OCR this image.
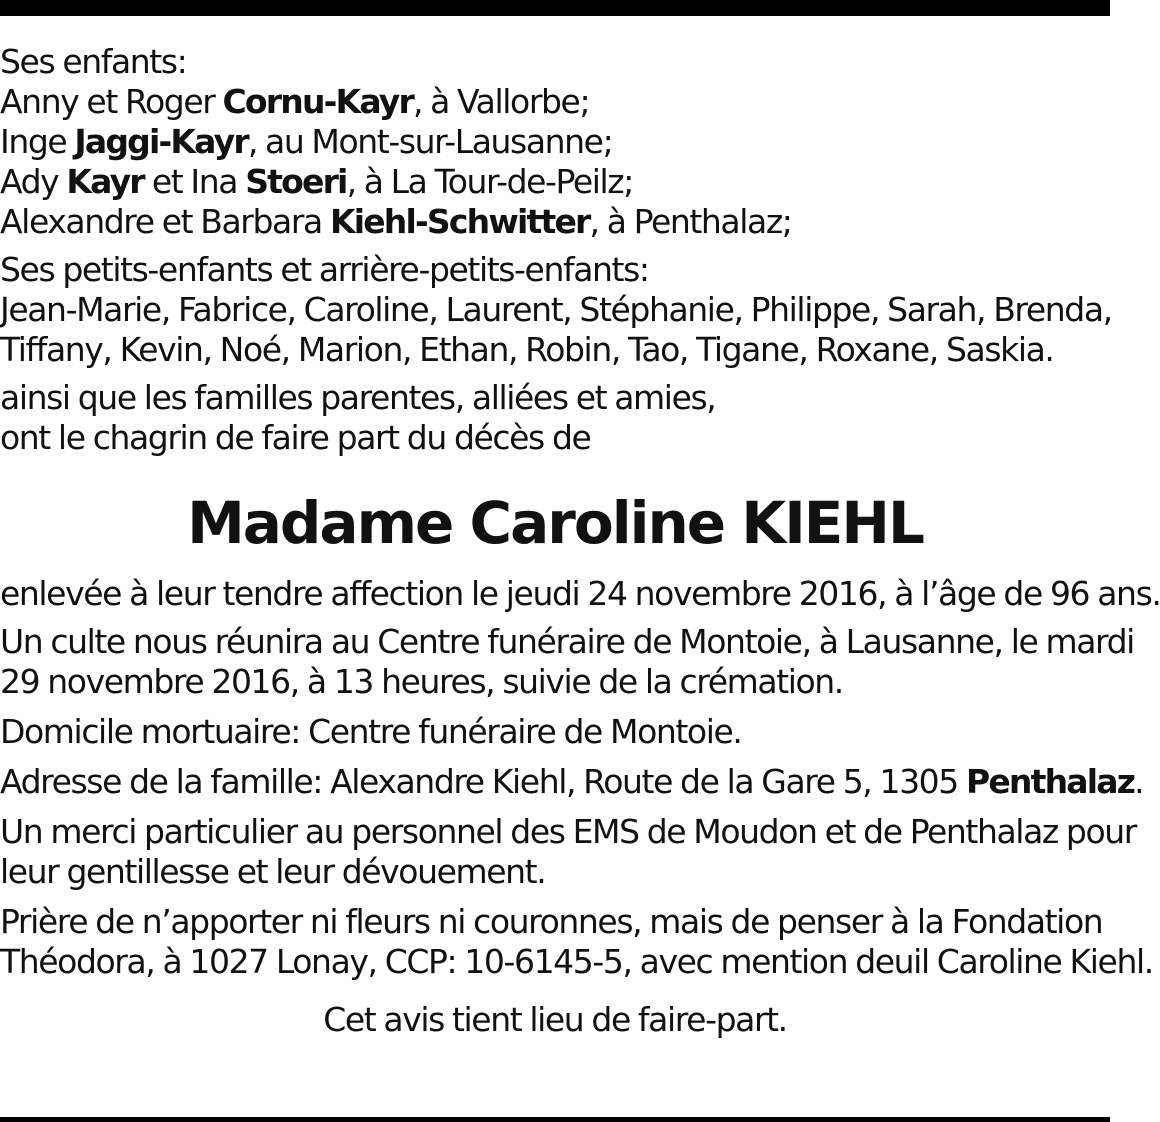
Ses enfants:

Anny et Roger Cornu-Kayr, à Vallorbe;

Inge Jaggi-Kayr, au Mont-sur-Lausanne;

Ady Kayr et Ina Stoeri, à La Tour-de-Peilz;

Alexandre et Barbara Kiehl-Schwitter, à Penthalaz;

Ses petits-enfants et arrière-petits-enfants:

Jean-Marie, Fabrice, Caroline, Laurent, Stéphanie, Philippe, Sarah, Brenda,

Tiffany, Kevin, Noé, Marion, Ethan, Robin, Tao, Tigane, Roxane, Saskia.

ainsi que les familles parentes, alliées et amies,

ont le chagrin de faire part du décès de

Madame Caroline KIEHL

enlevée à leur tendre affection le jeudi 24 novembre 2016, à l’âge de 96 ans.

Un culte nous réunira au Centre funéraire de Montoie, à Lausanne, le mardi

29 novembre 2016, à 13 heures, suivie de la crémation.

Domicile mortuaire: Centre funéraire de Montoie.

Adresse de la famille: Alexandre Kiehl, Route de la Gare 5, 1305 Penthalaz.

Un merci particulier au personnel des EMS de Moudon et de Penthalaz pour

leur gentillesse et leur dévouement.

Prière de n’apporter ni fleurs ni couronnes, mais de penser à la Fondation

Théodora, à 1027 Lonay, CCP: 10-6145-5, avec mention deuil Caroline Kiehl.

Cet avis tient lieu de faire-part.
